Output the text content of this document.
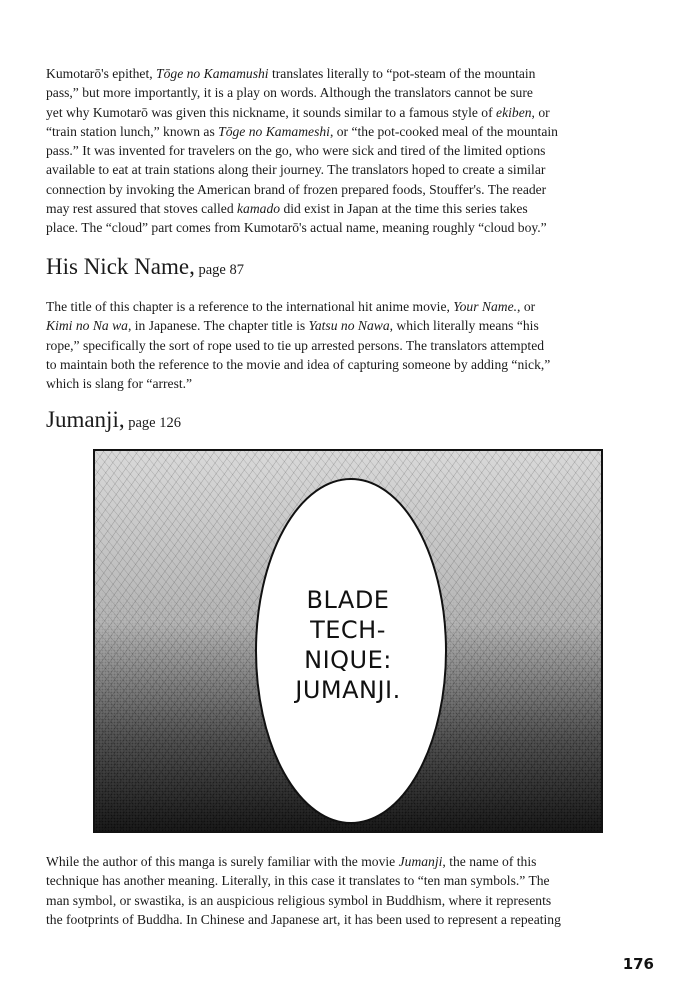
Kumotarō's epithet, Tōge no Kamamushi translates literally to “pot-steam of the mountain
pass,” but more importantly, it is a play on words. Although the translators cannot be sure
yet why Kumotarō was given this nickname, it sounds similar to a famous style of ekiben, or
“train station lunch,” known as Tōge no Kamameshi, or “the pot-cooked meal of the mountain
pass.” It was invented for travelers on the go, who were sick and tired of the limited options
available to eat at train stations along their journey. The translators hoped to create a similar
connection by invoking the American brand of frozen prepared foods, Stouffer's. The reader
may rest assured that stoves called kamado did exist in Japan at the time this series takes
place. The “cloud” part comes from Kumotarō's actual name, meaning roughly “cloud boy.”
His Nick Name, page 87
The title of this chapter is a reference to the international hit anime movie, Your Name., or
Kimi no Na wa, in Japanese. The chapter title is Yatsu no Nawa, which literally means “his
rope,” specifically the sort of rope used to tie up arrested persons. The translators attempted
to maintain both the reference to the movie and idea of capturing someone by adding “nick,”
which is slang for “arrest.”
Jumanji, page 126
BLADE
TECH-
NIQUE:
JUMANJI.
While the author of this manga is surely familiar with the movie Jumanji, the name of this
technique has another meaning. Literally, in this case it translates to “ten man symbols.” The
man symbol, or swastika, is an auspicious religious symbol in Buddhism, where it represents
the footprints of Buddha. In Chinese and Japanese art, it has been used to represent a repeating
176
